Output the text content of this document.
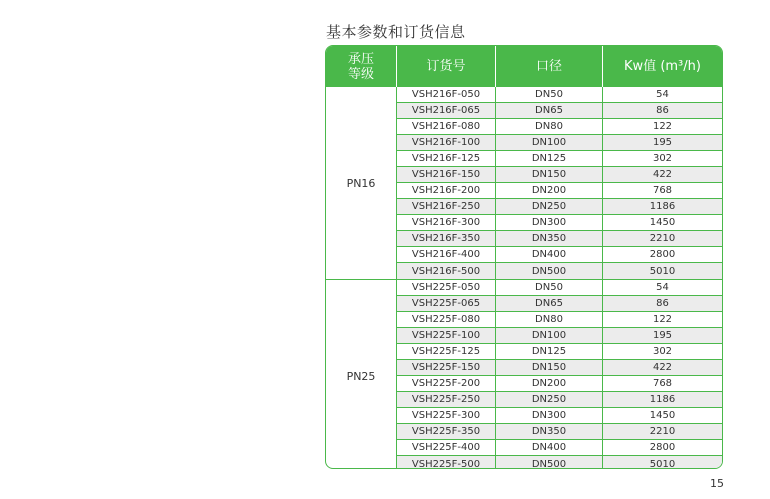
基本参数和订货信息
承压
等级	订货号	口径	Kw值 (m³/h)
PN16
VSH216F-050	DN50	54
VSH216F-065	DN65	86
VSH216F-080	DN80	122
VSH216F-100	DN100	195
VSH216F-125	DN125	302
VSH216F-150	DN150	422
VSH216F-200	DN200	768
VSH216F-250	DN250	1186
VSH216F-300	DN300	1450
VSH216F-350	DN350	2210
VSH216F-400	DN400	2800
VSH216F-500	DN500	5010
PN25
VSH225F-050	DN50	54
VSH225F-065	DN65	86
VSH225F-080	DN80	122
VSH225F-100	DN100	195
VSH225F-125	DN125	302
VSH225F-150	DN150	422
VSH225F-200	DN200	768
VSH225F-250	DN250	1186
VSH225F-300	DN300	1450
VSH225F-350	DN350	2210
VSH225F-400	DN400	2800
VSH225F-500	DN500	5010
15
